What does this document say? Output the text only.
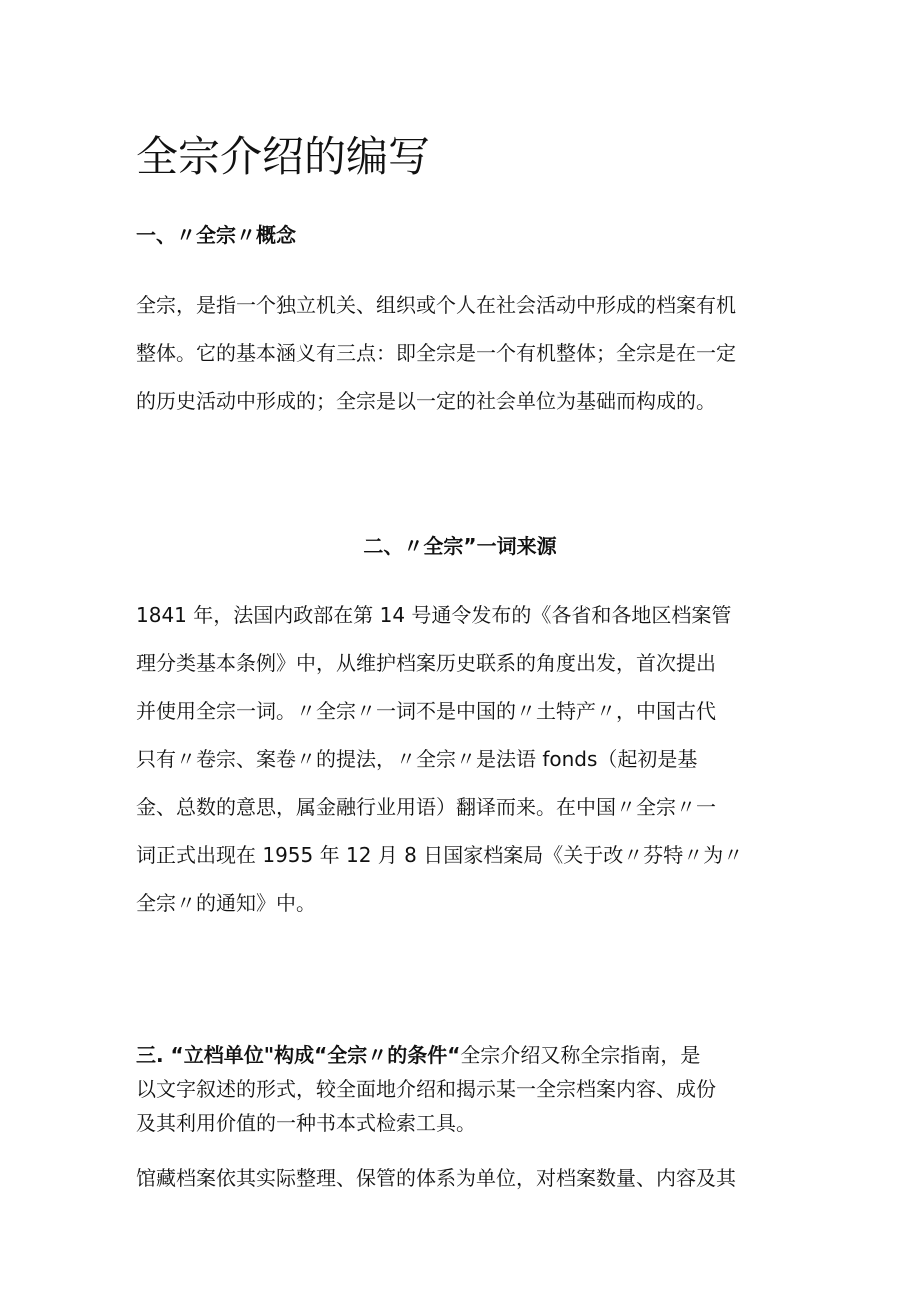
全宗介绍的编写
一、〃全宗〃概念
全宗，是指一个独立机关、组织或个人在社会活动中形成的档案有机
整体。它的基本涵义有三点：即全宗是一个有机整体；全宗是在一定
的历史活动中形成的；全宗是以一定的社会单位为基础而构成的。
二、〃全宗”一词来源
1841 年，法国内政部在第 14 号通令发布的《各省和各地区档案管
理分类基本条例》中，从维护档案历史联系的角度出发，首次提出
并使用全宗一词。〃全宗〃一词不是中国的〃土特产〃，中国古代
只有〃卷宗、案卷〃的提法，〃全宗〃是法语 fonds（起初是基
金、总数的意思，属金融行业用语）翻译而来。在中国〃全宗〃一
词正式出现在 1955 年 12 月 8 日国家档案局《关于改〃芬特〃为〃
全宗〃的通知》中。
三. “立档单位"构成“全宗〃的条件“全宗介绍又称全宗指南，是
以文字叙述的形式，较全面地介绍和揭示某一全宗档案内容、成份
及其利用价值的一种书本式检索工具。
馆藏档案依其实际整理、保管的体系为单位，对档案数量、内容及其
